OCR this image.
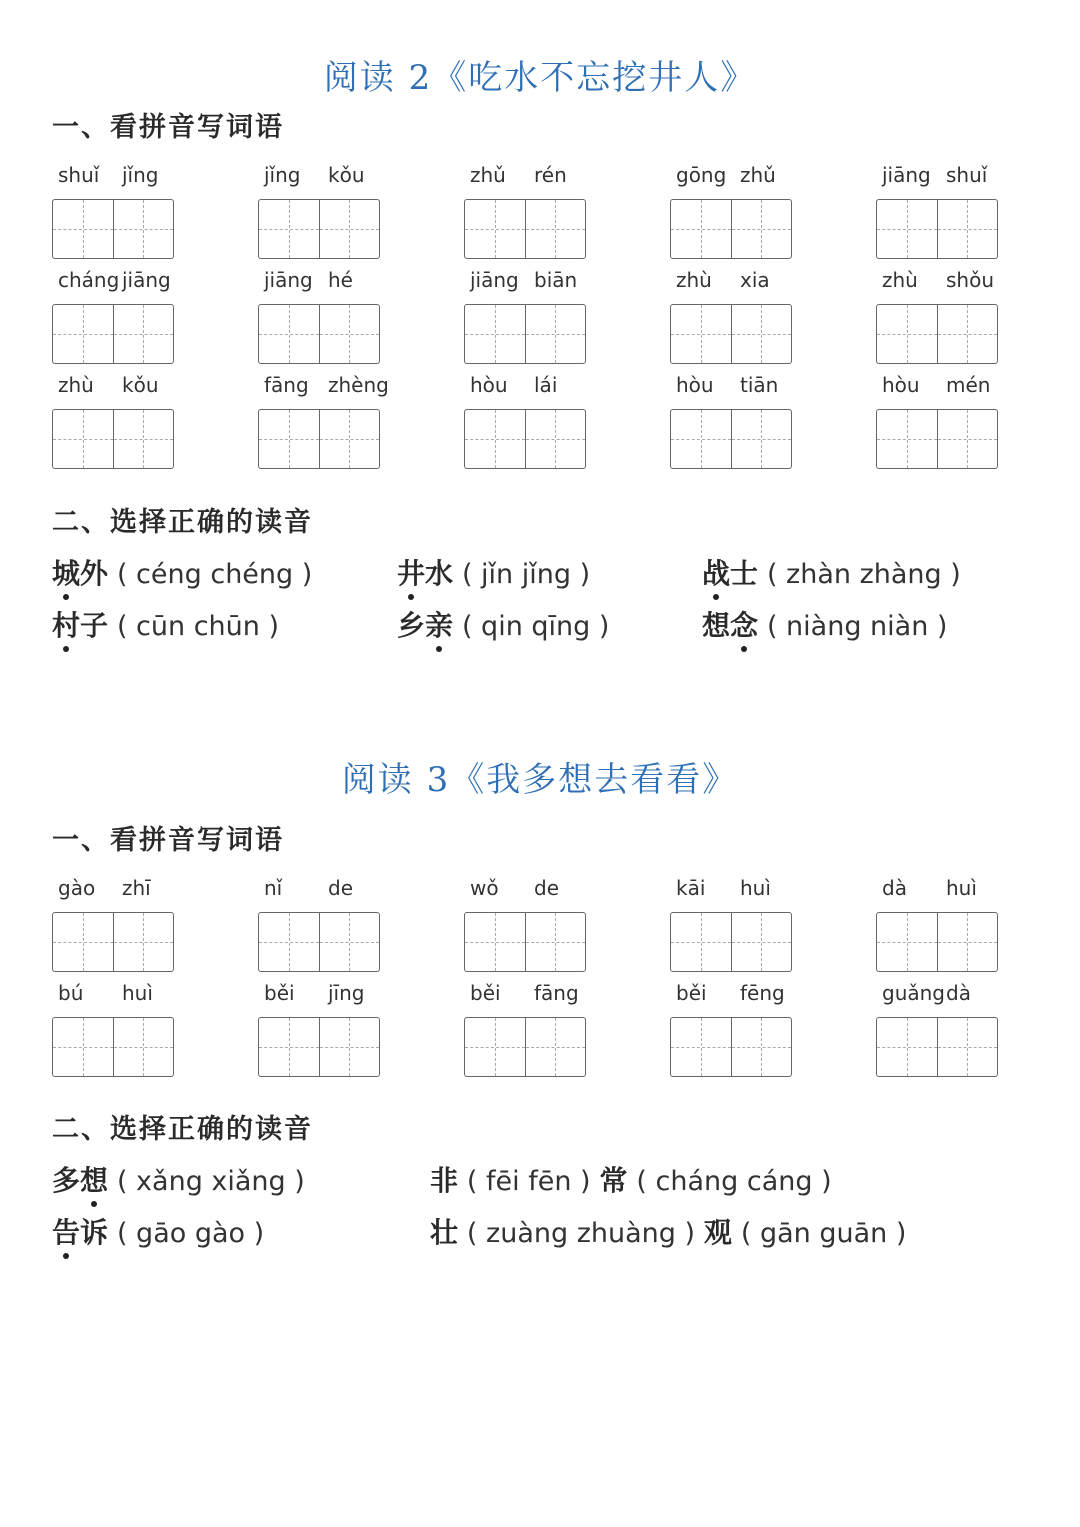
阅读 2《吃水不忘挖井人》
一、看拼音写词语
shuǐ jǐng	jǐng kǒu	zhǔ rén	gōng zhǔ	jiāng shuǐ
cháng jiāng	jiāng hé	jiāng biān	zhù xia	zhù shǒu
zhù kǒu	fāng zhèng	hòu lái	hòu tiān	hòu mén
二、选择正确的读音
城外 ( céng chéng )	井水 ( jǐn jǐng )	战士 ( zhàn zhàng )
村子 ( cūn chūn )	乡亲 ( qin qīng )	想念 ( niàng niàn )
阅读 3《我多想去看看》
一、看拼音写词语
gào zhī	nǐ de	wǒ de	kāi huì	dà huì
bú huì	běi jīng	běi fāng	běi fēng	guǎng dà
二、选择正确的读音
多想 ( xǎng xiǎng )	非 ( fēi fēn ) 常 ( cháng cáng )
告诉 ( gāo gào )	壮 ( zuàng zhuàng ) 观 ( gān guān )
